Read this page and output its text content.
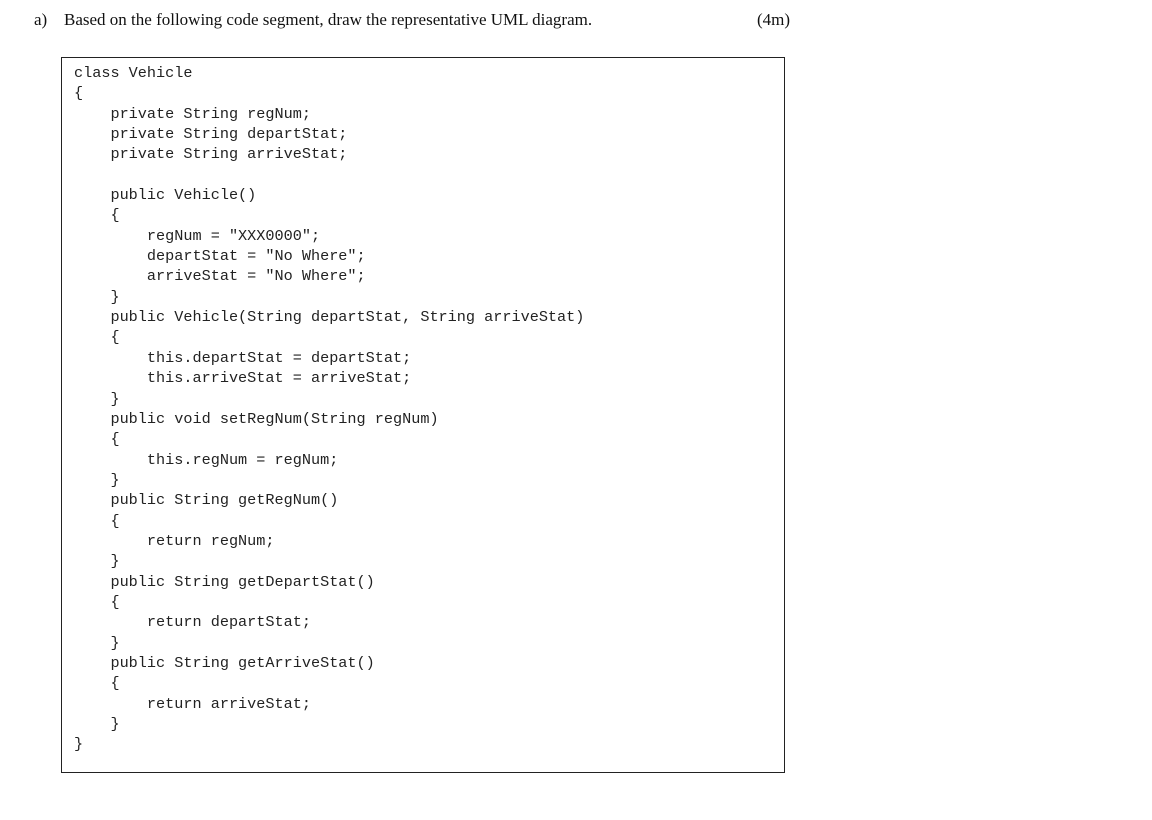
a) Based on the following code segment, draw the representative UML diagram.	(4m)
class Vehicle
{
private String regNum;
private String departStat;
private String arriveStat;
public Vehicle()
{
regNum = "XXX0000";
departStat = "No Where";
arriveStat = "No Where";
}
public Vehicle(String departStat, String arriveStat)
{
this.departStat = departStat;
this.arriveStat = arriveStat;
}
public void setRegNum(String regNum)
{
this.regNum = regNum;
}
public String getRegNum()
{
return regNum;
}
public String getDepartStat()
{
return departStat;
}
public String getArriveStat()
{
return arriveStat;
}
}
